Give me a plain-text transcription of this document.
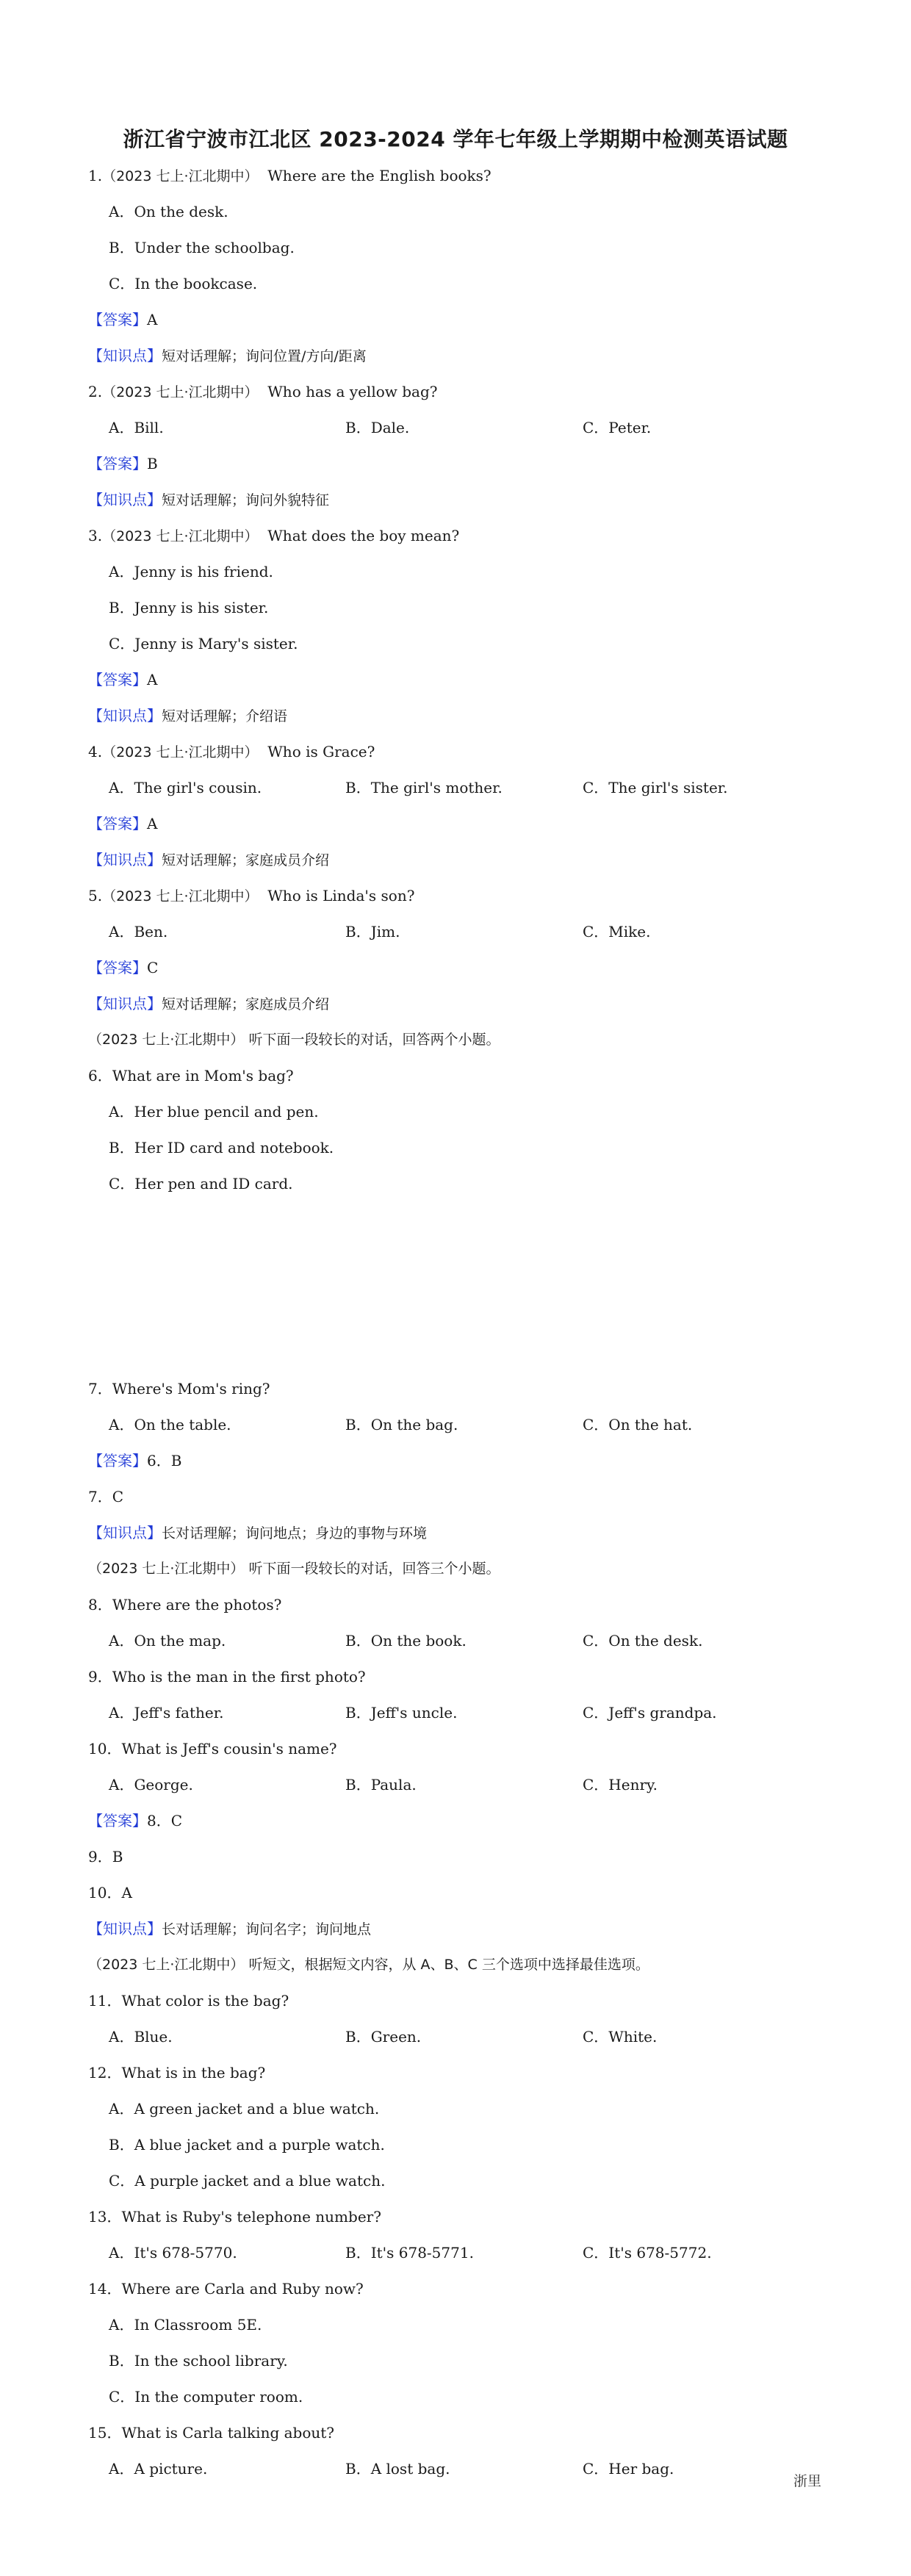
浙江省宁波市江北区 2023-2024 学年七年级上学期期中检测英语试题
1.（2023 七上·江北期中） Where are the English books?
A．On the desk.
B．Under the schoolbag.
C．In the bookcase.
【答案】A
【知识点】短对话理解；询问位置/方向/距离
2.（2023 七上·江北期中） Who has a yellow bag?
A．Bill.	B．Dale.	C．Peter.
【答案】B
【知识点】短对话理解；询问外貌特征
3.（2023 七上·江北期中） What does the boy mean?
A．Jenny is his friend.
B．Jenny is his sister.
C．Jenny is Mary's sister.
【答案】A
【知识点】短对话理解；介绍语
4.（2023 七上·江北期中） Who is Grace?
A．The girl's cousin.	B．The girl's mother.	C．The girl's sister.
【答案】A
【知识点】短对话理解；家庭成员介绍
5.（2023 七上·江北期中） Who is Linda's son?
A．Ben.	B．Jim.	C．Mike.
【答案】C
【知识点】短对话理解；家庭成员介绍
（2023 七上·江北期中） 听下面一段较长的对话，回答两个小题。
6．What are in Mom's bag?
A．Her blue pencil and pen.
B．Her ID card and notebook.
C．Her pen and ID card.
7．Where's Mom's ring?
A．On the table.	B．On the bag.	C．On the hat.
【答案】6．B
7．C
【知识点】长对话理解；询问地点；身边的事物与环境
（2023 七上·江北期中） 听下面一段较长的对话，回答三个小题。
8．Where are the photos?
A．On the map.	B．On the book.	C．On the desk.
9．Who is the man in the first photo?
A．Jeff's father.	B．Jeff's uncle.	C．Jeff's grandpa.
10．What is Jeff's cousin's name?
A．George.	B．Paula.	C．Henry.
【答案】8．C
9．B
10．A
【知识点】长对话理解；询问名字；询问地点
（2023 七上·江北期中） 听短文，根据短文内容，从 A、B、C 三个选项中选择最佳选项。
11．What color is the bag?
A．Blue.	B．Green.	C．White.
12．What is in the bag?
A．A green jacket and a blue watch.
B．A blue jacket and a purple watch.
C．A purple jacket and a blue watch.
13．What is Ruby's telephone number?
A．It's 678-5770.	B．It's 678-5771.	C．It's 678-5772.
14．Where are Carla and Ruby now?
A．In Classroom 5E.
B．In the school library.
C．In the computer room.
15．What is Carla talking about?
A．A picture.	B．A lost bag.	C．Her bag.
浙里
